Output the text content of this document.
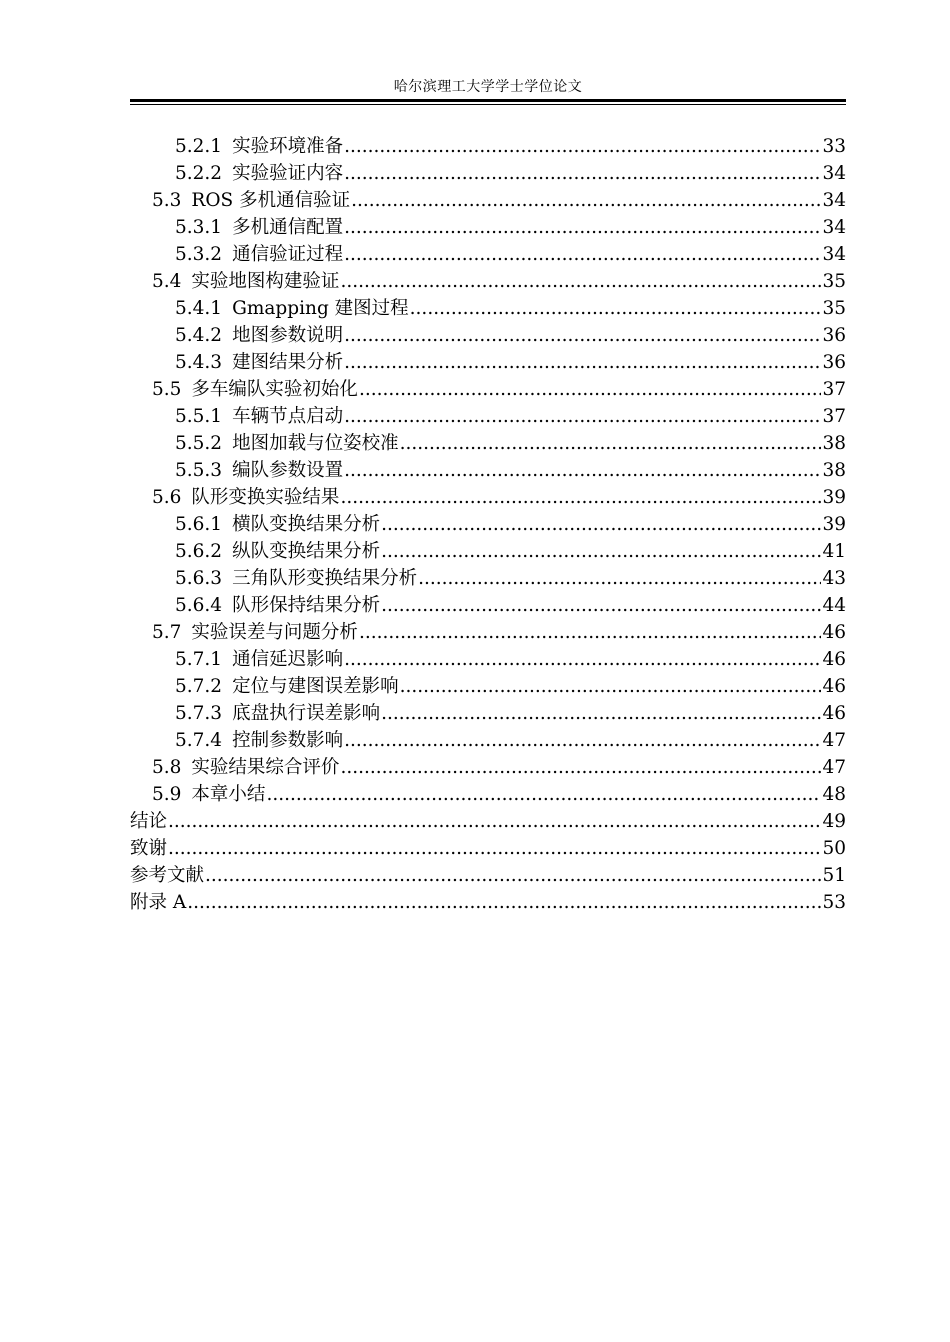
哈尔滨理工大学学士学位论文
5.2.1 实验环境准备 .....	33
5.2.2 实验验证内容 .....	34
5.3 ROS 多机通信验证 .....	34
5.3.1 多机通信配置 .....	34
5.3.2 通信验证过程 .....	34
5.4 实验地图构建验证 .....	35
5.4.1 Gmapping 建图过程 .....	35
5.4.2 地图参数说明 .....	36
5.4.3 建图结果分析 .....	36
5.5 多车编队实验初始化 .....	37
5.5.1 车辆节点启动 .....	37
5.5.2 地图加载与位姿校准 .....	38
5.5.3 编队参数设置 .....	38
5.6 队形变换实验结果 .....	39
5.6.1 横队变换结果分析 .....	39
5.6.2 纵队变换结果分析 .....	41
5.6.3 三角队形变换结果分析 .....	43
5.6.4 队形保持结果分析 .....	44
5.7 实验误差与问题分析 .....	46
5.7.1 通信延迟影响 .....	46
5.7.2 定位与建图误差影响 .....	46
5.7.3 底盘执行误差影响 .....	46
5.7.4 控制参数影响 .....	47
5.8 实验结果综合评价 .....	47
5.9 本章小结 .....	48
结论 .....	49
致谢 .....	50
参考文献 .....	51
附录 A .....	53
